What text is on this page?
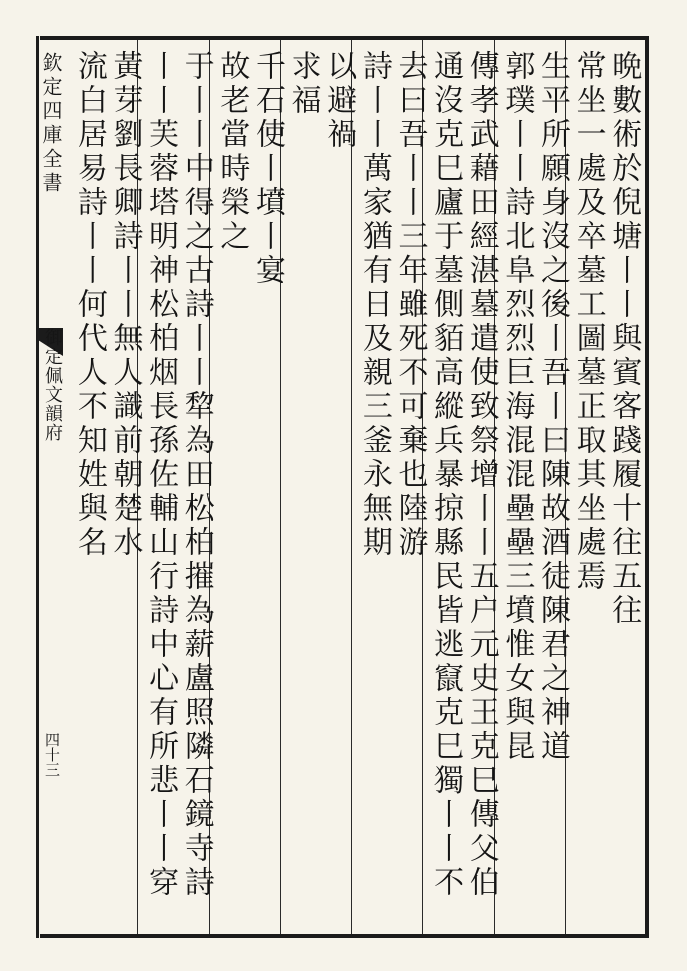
欽定四庫全書
御定佩文韻府
四十三
晩數術於倪塘丨丨與賓客踐履十往五往
常坐一處及卒墓工圖墓正取其坐處焉
生平所願身沒之後丨吾丨曰陳故酒徒陳君之神道
郭璞丨丨詩北阜烈烈巨海混混壘壘三墳惟女與昆
傳孝武藉田經湛墓遣使致祭增丨丨五户元史王克巳傳父伯
通沒克巳廬于墓側貊高縱兵暴掠縣民皆逃竄克巳獨丨丨不
去曰吾丨丨三年雖死不可棄也陸游
詩丨丨萬家猶有日及親三釜永無期
以避禍
求福
千石使丨墳丨宴
故老當時榮之
于丨丨中得之古詩丨丨犂為田松柏摧為薪盧照隣石鏡寺詩
丨丨芙蓉塔明神松柏烟長孫佐輔山行詩中心有所悲丨丨穿
黃芽劉長卿詩丨丨無人識前朝楚水
流白居易詩丨丨何代人不知姓與名
